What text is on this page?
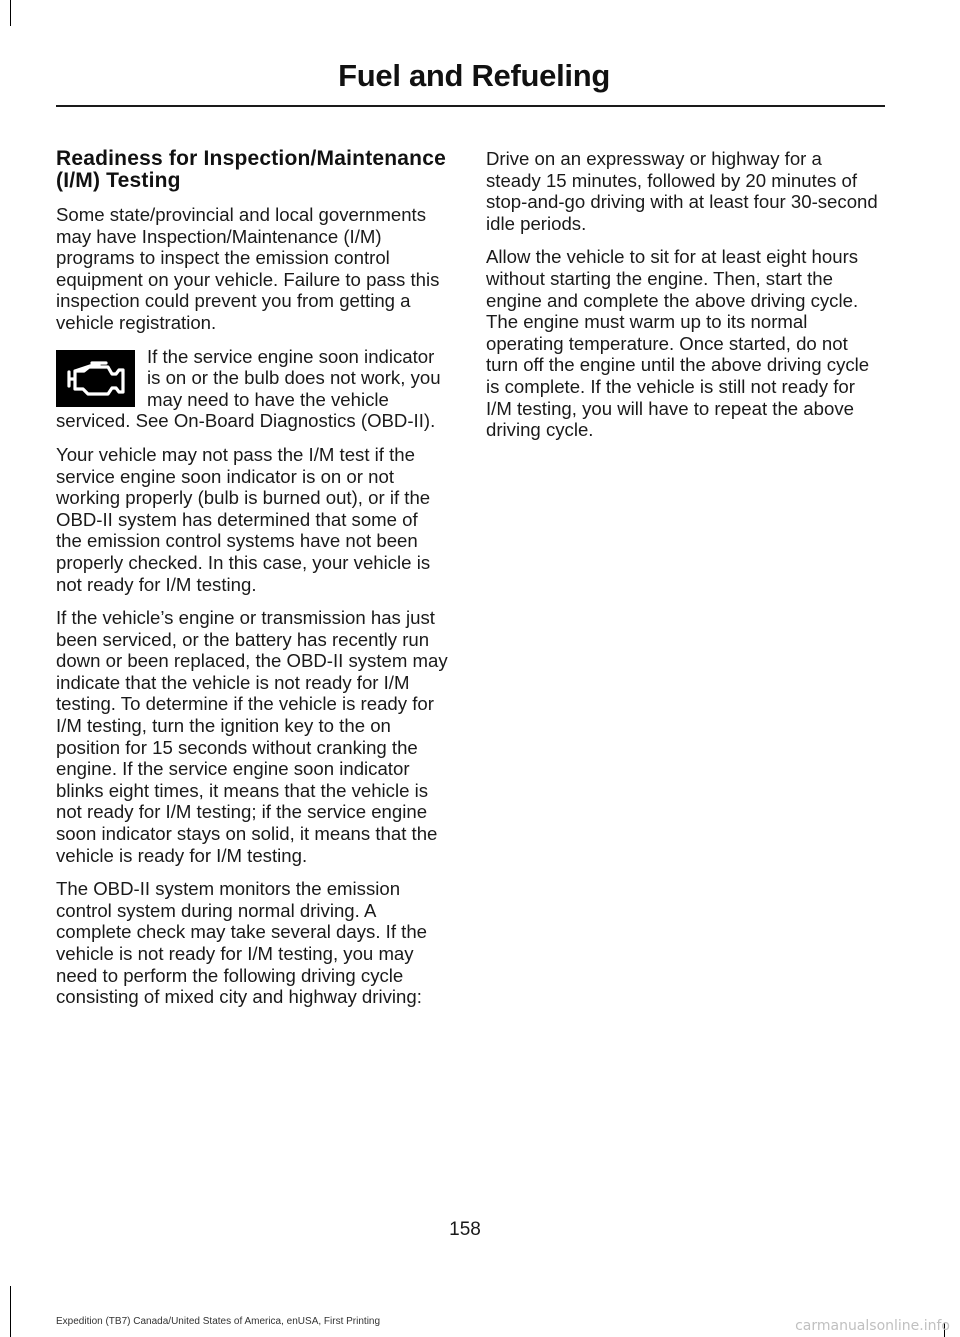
Fuel and Refueling
Readiness for Inspection/Maintenance (I/M) Testing

Some state/provincial and local governments may have Inspection/Maintenance (I/M) programs to inspect the emission control equipment on your vehicle. Failure to pass this inspection could prevent you from getting a vehicle registration.

If the service engine soon indicator is on or the bulb does not work, you may need to have the vehicle serviced. See On-Board Diagnostics (OBD-II).

Your vehicle may not pass the I/M test if the service engine soon indicator is on or not working properly (bulb is burned out), or if the OBD-II system has determined that some of the emission control systems have not been properly checked. In this case, your vehicle is not ready for I/M testing.

If the vehicle’s engine or transmission has just been serviced, or the battery has recently run down or been replaced, the OBD-II system may indicate that the vehicle is not ready for I/M testing. To determine if the vehicle is ready for I/M testing, turn the ignition key to the on position for 15 seconds without cranking the engine. If the service engine soon indicator blinks eight times, it means that the vehicle is not ready for I/M testing; if the service engine soon indicator stays on solid, it means that the vehicle is ready for I/M testing.

The OBD-II system monitors the emission control system during normal driving. A complete check may take several days. If the vehicle is not ready for I/M testing, you may need to perform the following driving cycle consisting of mixed city and highway driving:

Drive on an expressway or highway for a steady 15 minutes, followed by 20 minutes of stop-and-go driving with at least four 30-second idle periods.

Allow the vehicle to sit for at least eight hours without starting the engine. Then, start the engine and complete the above driving cycle. The engine must warm up to its normal operating temperature. Once started, do not turn off the engine until the above driving cycle is complete. If the vehicle is still not ready for I/M testing, you will have to repeat the above driving cycle.

158
Expedition (TB7) Canada/United States of America, enUSA, First Printing	carmanualsonline.info
